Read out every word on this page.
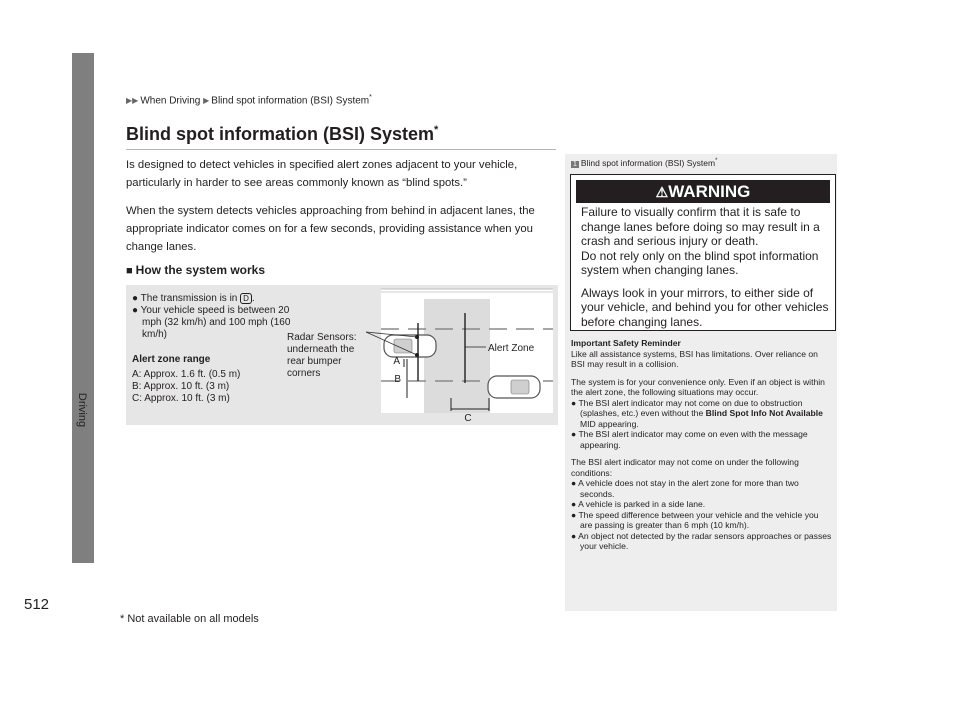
Driving
512
* Not available on all models
▶▶ When Driving ▶ Blind spot information (BSI) System*
Blind spot information (BSI) System*

Is designed to detect vehicles in specified alert zones adjacent to your vehicle, particularly in harder to see areas commonly known as “blind spots.”

When the system detects vehicles approaching from behind in adjacent lanes, the appropriate indicator comes on for a few seconds, providing assistance when you change lanes.

■ How the system works
● The transmission is in D .
● Your vehicle speed is between 20 mph (32 km/h) and 100 mph (160 km/h)
Alert zone range
A: Approx. 1.6 ft. (0.5 m)
B: Approx. 10 ft. (3 m)
C: Approx. 10 ft. (3 m)
Radar Sensors: underneath the rear bumper corners
A
B
C
Alert Zone
1 Blind spot information (BSI) System*
⚠WARNING
Failure to visually confirm that it is safe to change lanes before doing so may result in a crash and serious injury or death.
Do not rely only on the blind spot information system when changing lanes.
Always look in your mirrors, to either side of your vehicle, and behind you for other vehicles before changing lanes.

Important Safety Reminder
Like all assistance systems, BSI has limitations. Over reliance on BSI may result in a collision.

The system is for your convenience only. Even if an object is within the alert zone, the following situations may occur.

● The BSI alert indicator may not come on due to obstruction (splashes, etc.) even without the Blind Spot Info Not Available MID appearing.
● The BSI alert indicator may come on even with the message appearing.

The BSI alert indicator may not come on under the following conditions:

● A vehicle does not stay in the alert zone for more than two seconds.
● A vehicle is parked in a side lane.
● The speed difference between your vehicle and the vehicle you are passing is greater than 6 mph (10 km/h).
● An object not detected by the radar sensors approaches or passes your vehicle.
